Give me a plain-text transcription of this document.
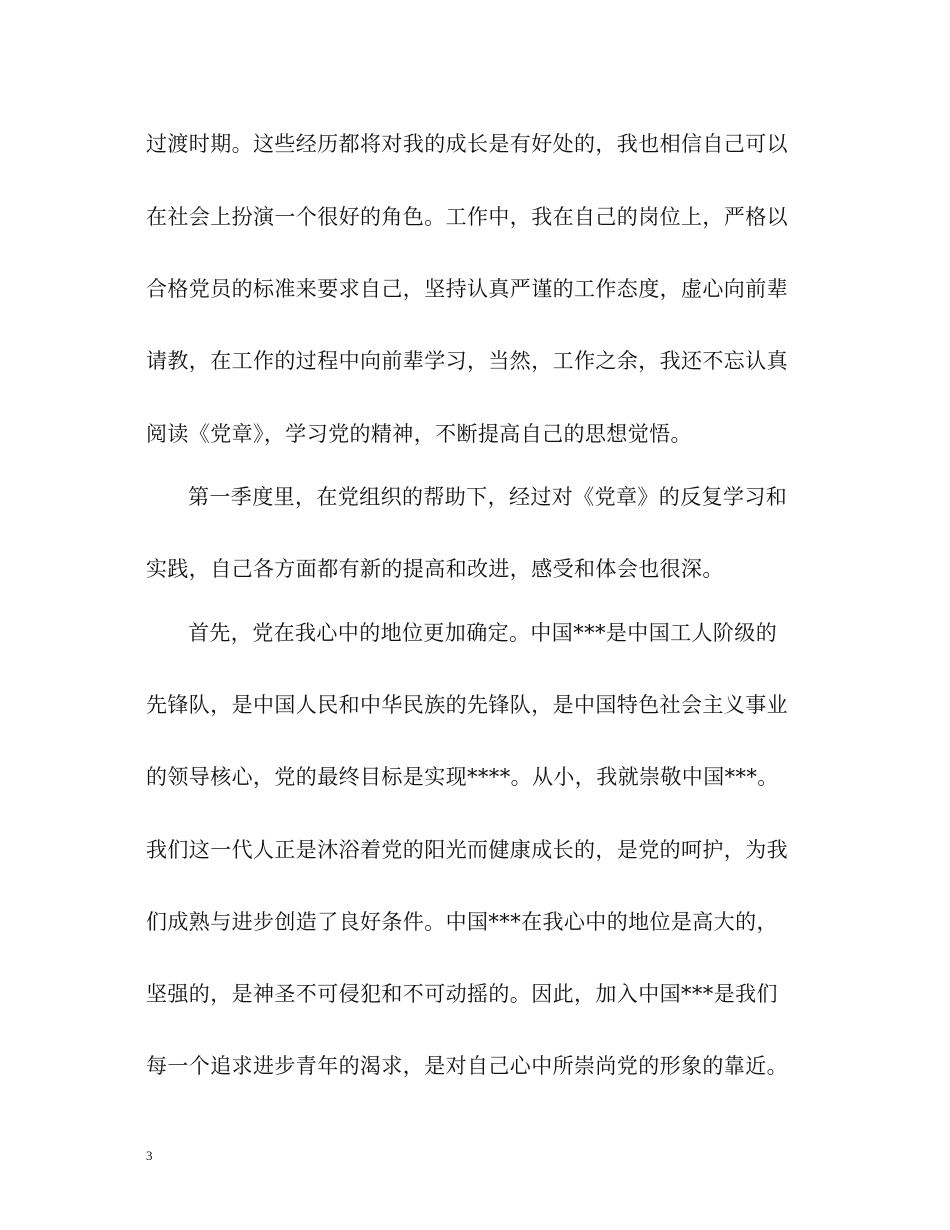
过渡时期。这些经历都将对我的成长是有好处的，我也相信自己可以
在社会上扮演一个很好的角色。工作中，我在自己的岗位上，严格以
合格党员的标准来要求自己，坚持认真严谨的工作态度，虚心向前辈
请教，在工作的过程中向前辈学习，当然，工作之余，我还不忘认真
阅读《党章》，学习党的精神，不断提高自己的思想觉悟。
第一季度里，在党组织的帮助下，经过对《党章》的反复学习和
实践，自己各方面都有新的提高和改进，感受和体会也很深。
首先，党在我心中的地位更加确定。中国***是中国工人阶级的
先锋队，是中国人民和中华民族的先锋队，是中国特色社会主义事业
的领导核心，党的最终目标是实现****。从小，我就崇敬中国***。
我们这一代人正是沐浴着党的阳光而健康成长的，是党的呵护，为我
们成熟与进步创造了良好条件。中国***在我心中的地位是高大的，
坚强的，是神圣不可侵犯和不可动摇的。因此，加入中国***是我们
每一个追求进步青年的渴求，是对自己心中所崇尚党的形象的靠近。
3
